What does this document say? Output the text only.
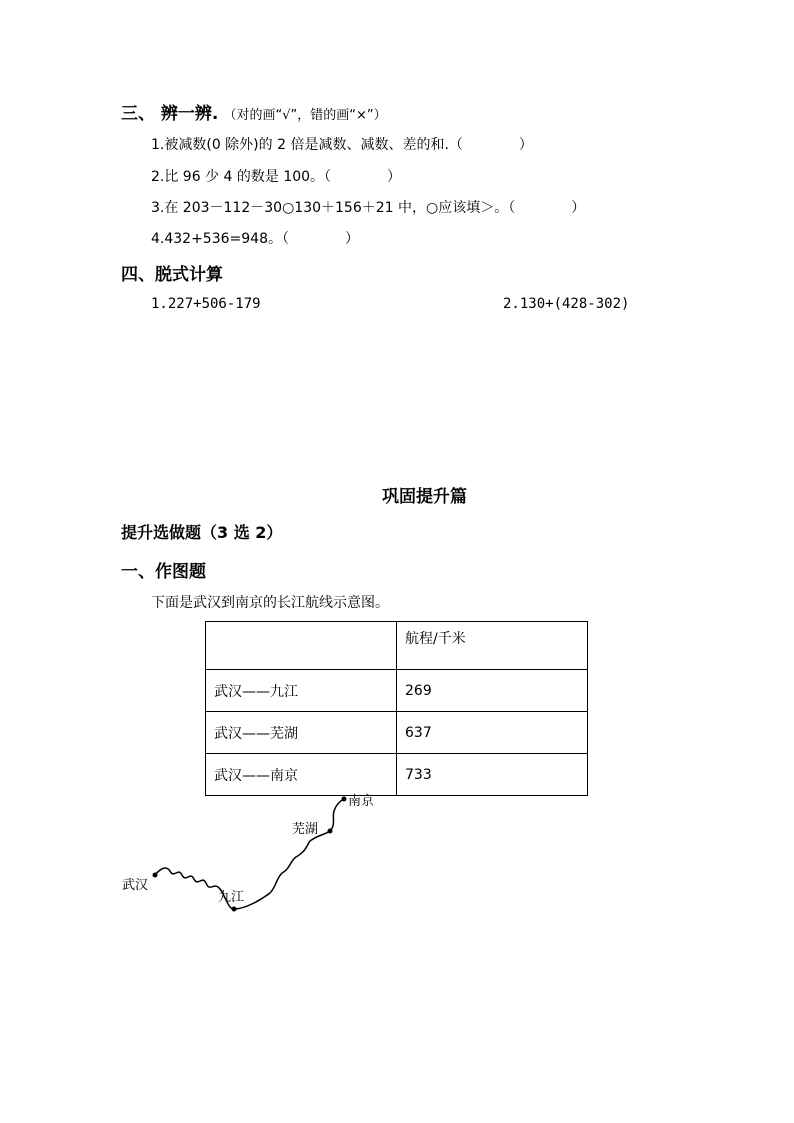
三、 辨一辨. （对的画“√”，错的画“×”）
1.被减数(0 除外)的 2 倍是减数、减数、差的和.（　　　　）
2.比 96 少 4 的数是 100。（　　　　）
3.在 203－112－30○130＋156＋21 中，○应该填＞。（　　　　）
4.432+536=948。（　　　　）
四、脱式计算
1.227+506-179	2.130+(428-302)
巩固提升篇
提升选做题（3 选 2）
一、作图题
下面是武汉到南京的长江航线示意图。
	航程/千米
武汉——九江	269
武汉——芜湖	637
武汉——南京	733
武汉
九江
芜湖
南京
